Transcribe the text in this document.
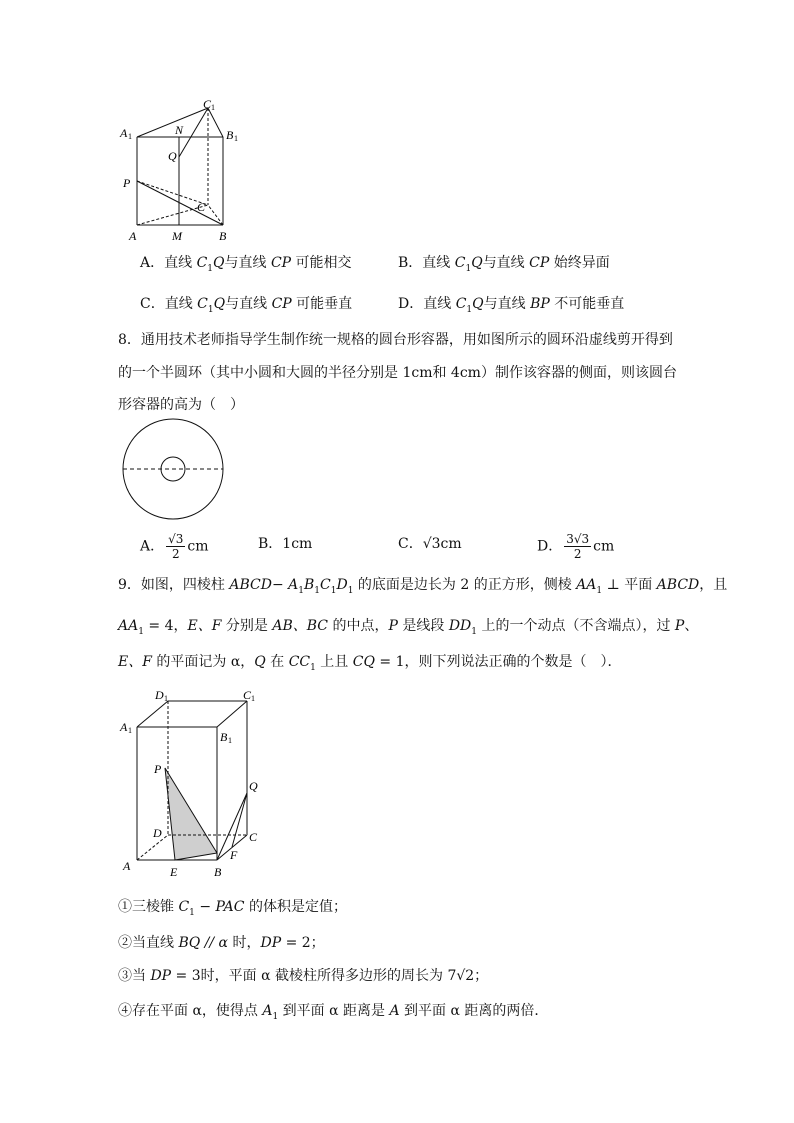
C 1
A 1	B 1
N
Q
P
C
A	M	B
A．直线 $C_1Q$与直线 CP 可能相交	B．直线 $C_1Q$与直线 CP 始终异面
C．直线 $C_1Q$与直线 CP 可能垂直	D．直线 $C_1Q$与直线 BP 不可能垂直
8．通用技术老师指导学生制作统一规格的圆台形容器，用如图所示的圆环沿虚线剪开得到
的一个半圆环（其中小圆和大圆的半径分别是 1cm和 4cm）制作该容器的侧面，则该圆台
形容器的高为（　）
A． $\frac{√3}{2}$ cm	B．1cm	C．√3cm	D． $\frac{3√3}{2}$ cm
9．如图，四棱柱 ABCD− $A_1B_1C_1D_1$ 的底面是边长为 2 的正方形，侧棱 $AA_1$ ⊥ 平面 ABCD，且
$AA_1 = 4$，E、F 分别是 AB、BC 的中点，P 是线段 $DD_1$ 上的一个动点（不含端点），过 P、
E、F 的平面记为 α，Q 在 $CC_1$ 上且 CQ = 1，则下列说法正确的个数是（　）．
D 1	C 1
A 1	B 1
P
Q
D	C
A	E	B
F
①三棱锥 $C_1$ − PAC 的体积是定值；
②当直线 BQ // α 时，DP = 2；
③当 DP = 3时，平面 α 截棱柱所得多边形的周长为 7√2；
④存在平面 α，使得点 $A_1$ 到平面 α 距离是 A 到平面 α 距离的两倍．
